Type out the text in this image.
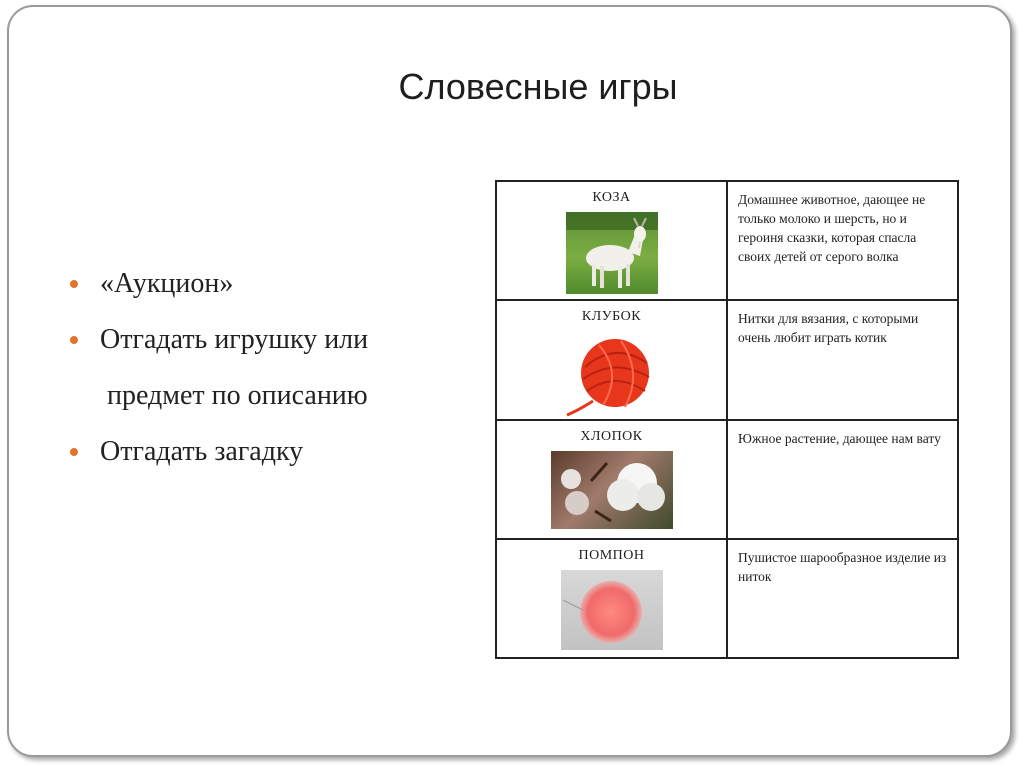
Словесные игры
«Аукцион»
Отгадать игрушку или
предмет по описанию
Отгадать загадку
КОЗА	Домашнее животное, дающее не только молоко и шерсть, но и героиня сказки, которая спасла своих детей от серого волка

КЛУБОК	Нитки для вязания, с которыми очень любит играть котик

ХЛОПОК	Южное растение, дающее нам вату

ПОМПОН	Пушистое шарообразное изделие из ниток
